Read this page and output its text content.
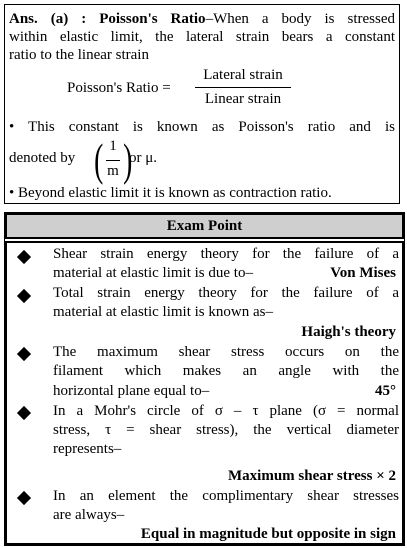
Ans. (a) : Poisson's Ratio–When a body is stressed
within elastic limit, the lateral strain bears a constant
ratio to the linear strain
Poisson's Ratio =
Lateral strain
Linear strain
• This constant is known as Poisson's ratio and is
denoted by ( 1
m )
or μ.
• Beyond elastic limit it is known as contraction ratio.
Exam Point
Shear strain energy theory for the failure of a
material at elastic limit is due to–	Von Mises
Total strain energy theory for the failure of a
material at elastic limit is known as–
Haigh's theory
The maximum shear stress occurs on the
filament which makes an angle with the
horizontal plane equal to–	45°
In a Mohr's circle of σ – τ plane (σ = normal
stress, τ = shear stress), the vertical diameter
represents–
Maximum shear stress × 2
In an element the complimentary shear stresses
are always–
Equal in magnitude but opposite in sign
